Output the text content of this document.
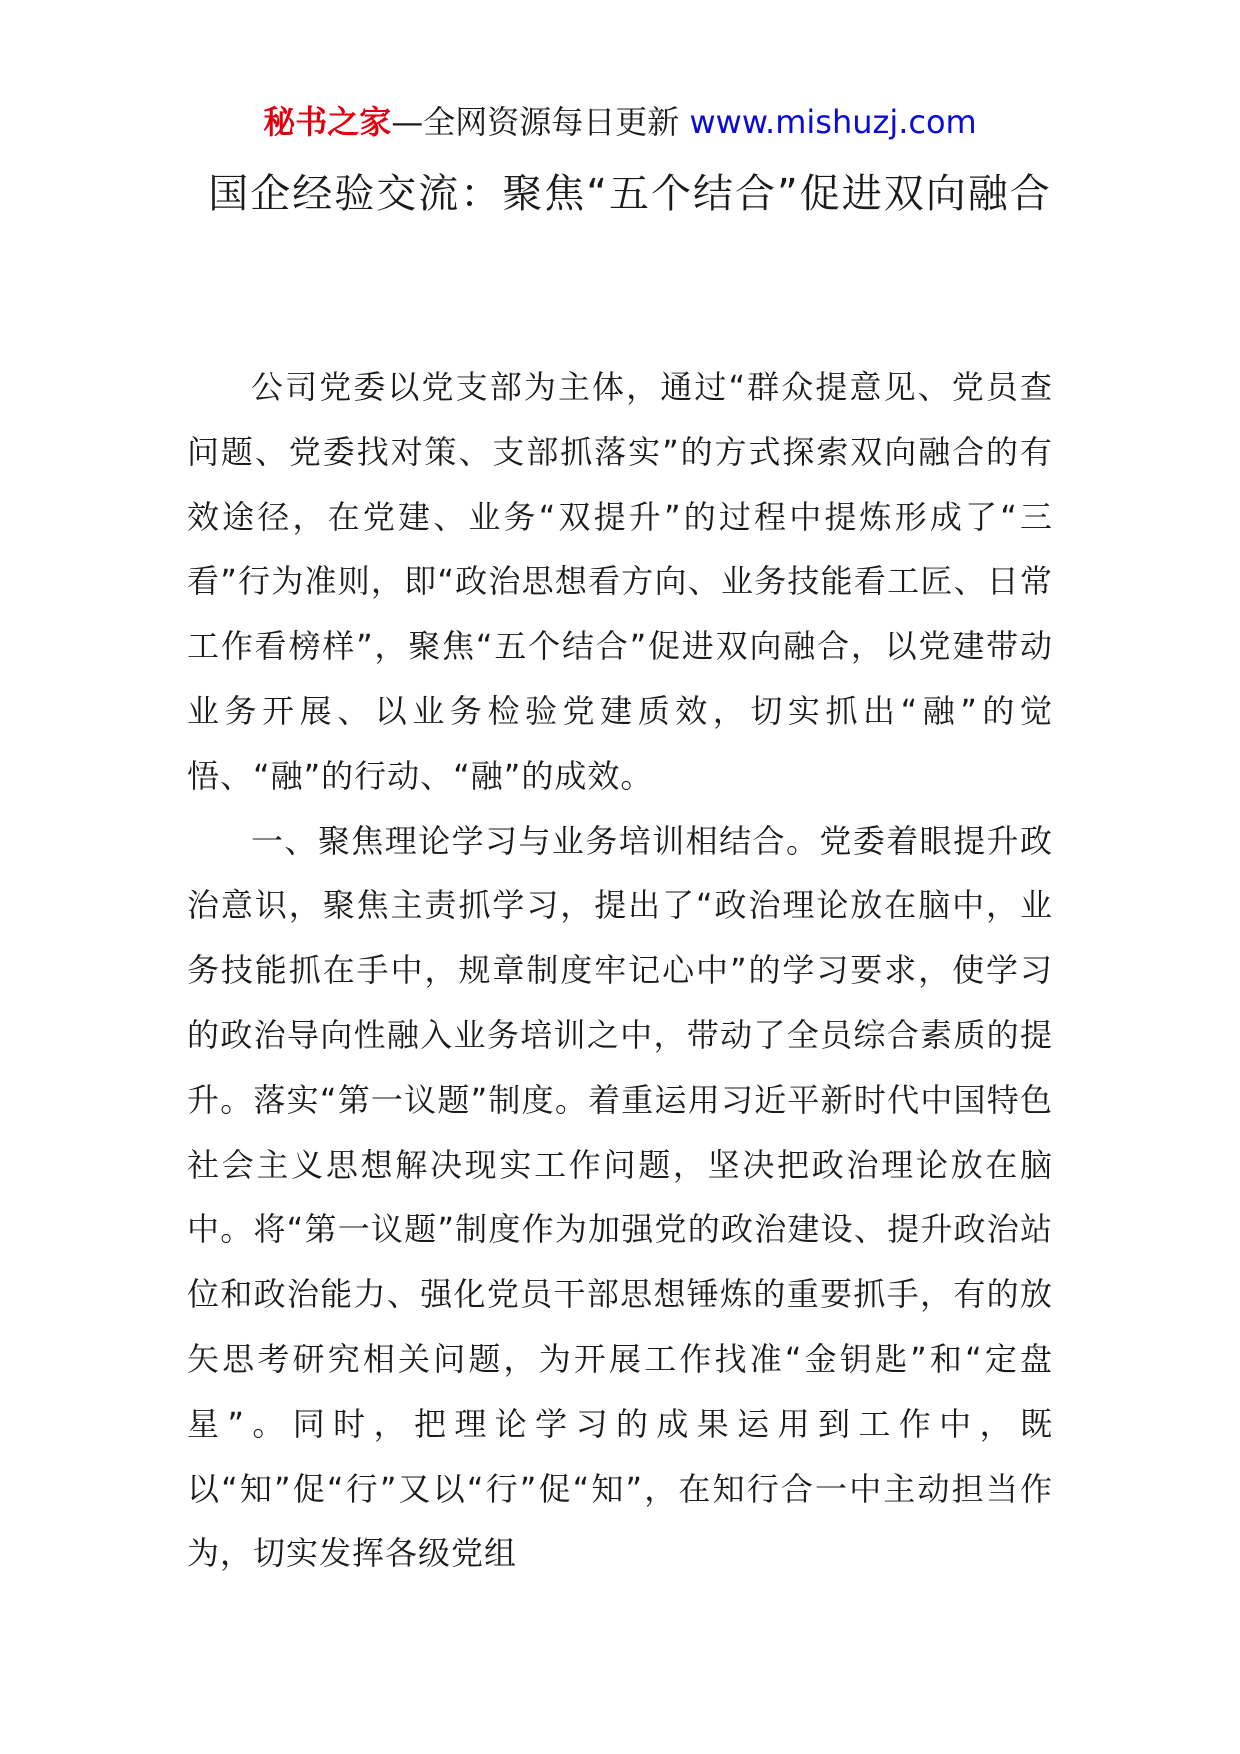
秘书之家—全网资源每日更新 www.mishuzj.com
国企经验交流：聚焦“五个结合”促进双向融合

公司党委以党支部为主体，通过“群众提意见、党员查问题、党委找对策、支部抓落实”的方式探索双向融合的有效途径，在党建、业务“双提升”的过程中提炼形成了“三看”行为准则，即“政治思想看方向、业务技能看工匠、日常工作看榜样”，聚焦“五个结合”促进双向融合，以党建带动业务开展、以业务检验党建质效，切实抓出“融”的觉悟、“融”的行动、“融”的成效。

一、聚焦理论学习与业务培训相结合。党委着眼提升政治意识，聚焦主责抓学习，提出了“政治理论放在脑中，业务技能抓在手中，规章制度牢记心中”的学习要求，使学习的政治导向性融入业务培训之中，带动了全员综合素质的提升。落实“第一议题”制度。着重运用习近平新时代中国特色社会主义思想解决现实工作问题，坚决把政治理论放在脑中。将“第一议题”制度作为加强党的政治建设、提升政治站位和政治能力、强化党员干部思想锤炼的重要抓手，有的放矢思考研究相关问题，为开展工作找准“金钥匙”和“定盘星”。同时，把理论学习的成果运用到工作中，既以“知”促“行”又以“行”促“知”，在知行合一中主动担当作为，切实发挥各级党组
